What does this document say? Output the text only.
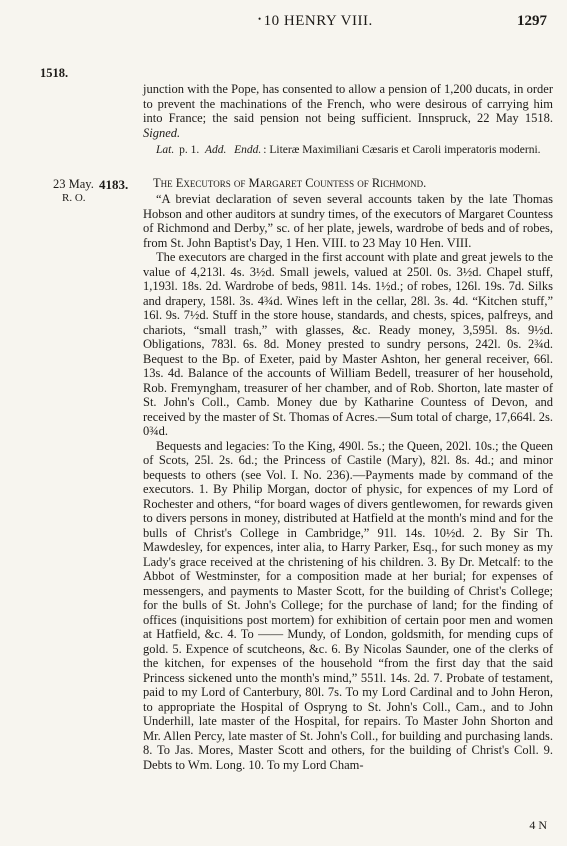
• 10 HENRY VIII.	1297
1518.

junction with the Pope, has consented to allow a pension of 1,200 ducats, in order to prevent the machinations of the French, who were desirous of carrying him into France; the said pension not being sufficient. Innspruck, 22 May 1518. Signed.

Lat. p. 1. Add. Endd. : Literæ Maximiliani Cæsaris et Caroli imperatoris moderni.

23 May.
R. O.
4183. The Executors of Margaret Countess of Richmond.

“A brevіat declaration of seven several accounts taken by the late Thomas Hobson and other auditors at sundry times, of the executors of Margaret Countess of Richmond and Derby,” sc. of her plate, jewels, wardrobe of beds and of robes, from St. John Baptist's Day, 1 Hen. VIII. to 23 May 10 Hen. VIII.

The executors are charged in the first account with plate and great jewels to the value of 4,213l. 4s. 3½d. Small jewels, valued at 250l. 0s. 3½d. Chapel stuff, 1,193l. 18s. 2d. Wardrobe of beds, 981l. 14s. 1½d.; of robes, 126l. 19s. 7d. Silks and drapery, 158l. 3s. 4¾d. Wines left in the cellar, 28l. 3s. 4d. “Kitchen stuff,” 16l. 9s. 7½d. Stuff in the store house, standards, and chests, spices, palfreys, and chariots, “small trash,” with glasses, &c. Ready money, 3,595l. 8s. 9½d. Obligations, 783l. 6s. 8d. Money prested to sundry persons, 242l. 0s. 2¾d. Bequest to the Bp. of Exeter, paid by Master Ashton, her general receiver, 66l. 13s. 4d. Balance of the accounts of William Bedell, treasurer of her household, Rob. Fremyngham, treasurer of her chamber, and of Rob. Shorton, late master of St. John's Coll., Camb. Money due by Katharine Countess of Devon, and received by the master of St. Thomas of Acres.—Sum total of charge, 17,664l. 2s. 0¾d.

Bequests and legacies: To the King, 490l. 5s.; the Queen, 202l. 10s.; the Queen of Scots, 25l. 2s. 6d.; the Princess of Castile (Mary), 82l. 8s. 4d.; and minor bequests to others (see Vol. I. No. 236).—Payments made by command of the executors. 1. By Philip Morgan, doctor of physic, for expences of my Lord of Rochester and others, “for board wages of divers gentlewomen, for rewards given to divers persons in money, distributed at Hatfield at the month's mind and for the bulls of Christ's College in Cambridge,” 91l. 14s. 10½d. 2. By Sir Th. Mawdesley, for expences, inter alia, to Harry Parker, Esq., for such money as my Lady's grace received at the christening of his children. 3. By Dr. Metcalf: to the Abbot of Westminster, for a composition made at her burial; for expenses of messengers, and payments to Master Scott, for the building of Christ's College; for the bulls of St. John's College; for the purchase of land; for the finding of offices (inquisitions post mortem) for exhibition of certain poor men and women at Hatfield, &c. 4. To —— Mundy, of London, goldsmith, for mending cups of gold. 5. Expence of scutcheons, &c. 6. By Nicolas Saunder, one of the clerks of the kitchen, for expenses of the household “from the first day that the said Princess sickened unto the month's mind,” 551l. 14s. 2d. 7. Probate of testament, paid to my Lord of Canterbury, 80l. 7s. To my Lord Cardinal and to John Heron, to appropriate the Hospital of Ospryng to St. John's Coll., Cam., and to John Underhill, late master of the Hospital, for repairs. To Master John Shorton and Mr. Allen Percy, late master of St. John's Coll., for building and purchasing lands. 8. To Jas. Mores, Master Scott and others, for the building of Christ's Coll. 9. Debts to Wm. Long. 10. To my Lord Cham-

4 N
